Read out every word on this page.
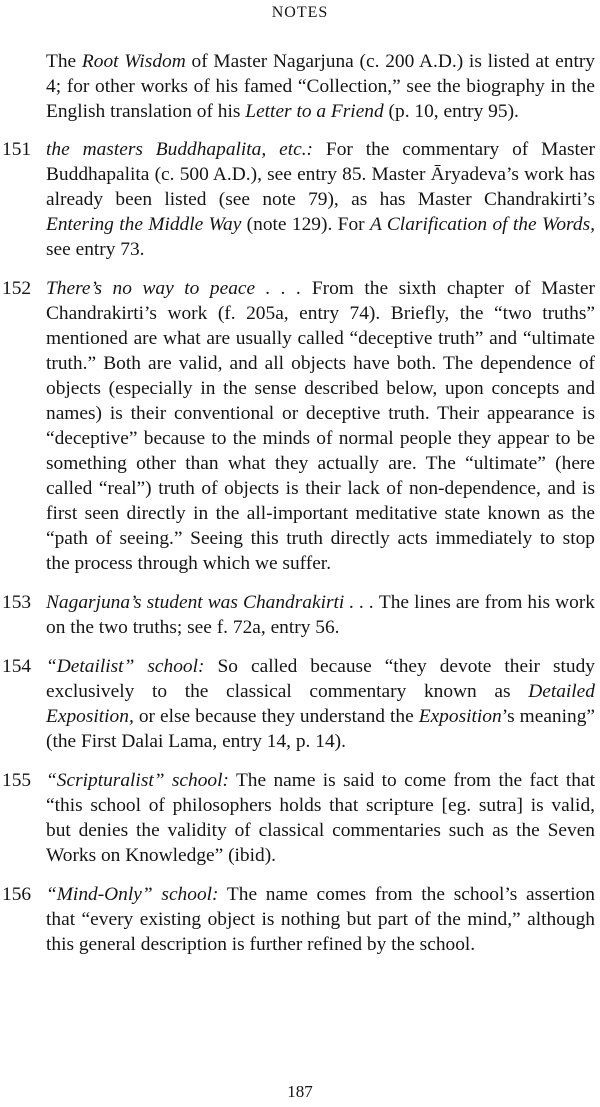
NOTES
The Root Wisdom of Master Nagarjuna (c. 200 A.D.) is listed at entry 4; for other works of his famed “Collection,” see the biography in the English translation of his Letter to a Friend (p. 10, entry 95).
151 the masters Buddhapalita, etc.: For the commentary of Master Buddhapalita (c. 500 A.D.), see entry 85. Master Āryadeva’s work has already been listed (see note 79), as has Master Chandrakirti’s Entering the Middle Way (note 129). For A Clarification of the Words, see entry 73.
152 There’s no way to peace . . . From the sixth chapter of Master Chandrakirti’s work (f. 205a, entry 74). Briefly, the “two truths” mentioned are what are usually called “deceptive truth” and “ultimate truth.” Both are valid, and all objects have both. The dependence of objects (especially in the sense described below, upon concepts and names) is their conventional or deceptive truth. Their appearance is “deceptive” because to the minds of normal people they appear to be something other than what they actually are. The “ultimate” (here called “real”) truth of objects is their lack of non-dependence, and is first seen directly in the all-important meditative state known as the “path of seeing.” Seeing this truth directly acts immediately to stop the process through which we suffer.
153 Nagarjuna’s student was Chandrakirti . . . The lines are from his work on the two truths; see f. 72a, entry 56.
154 “Detailist” school: So called because “they devote their study exclusively to the classical commentary known as Detailed Exposition, or else because they understand the Exposition’s meaning” (the First Dalai Lama, entry 14, p. 14).
155 “Scripturalist” school: The name is said to come from the fact that “this school of philosophers holds that scripture [eg. sutra] is valid, but denies the validity of classical commentaries such as the Seven Works on Knowledge” (ibid).
156 “Mind-Only” school: The name comes from the school’s assertion that “every existing object is nothing but part of the mind,” although this general description is further refined by the school.
187
